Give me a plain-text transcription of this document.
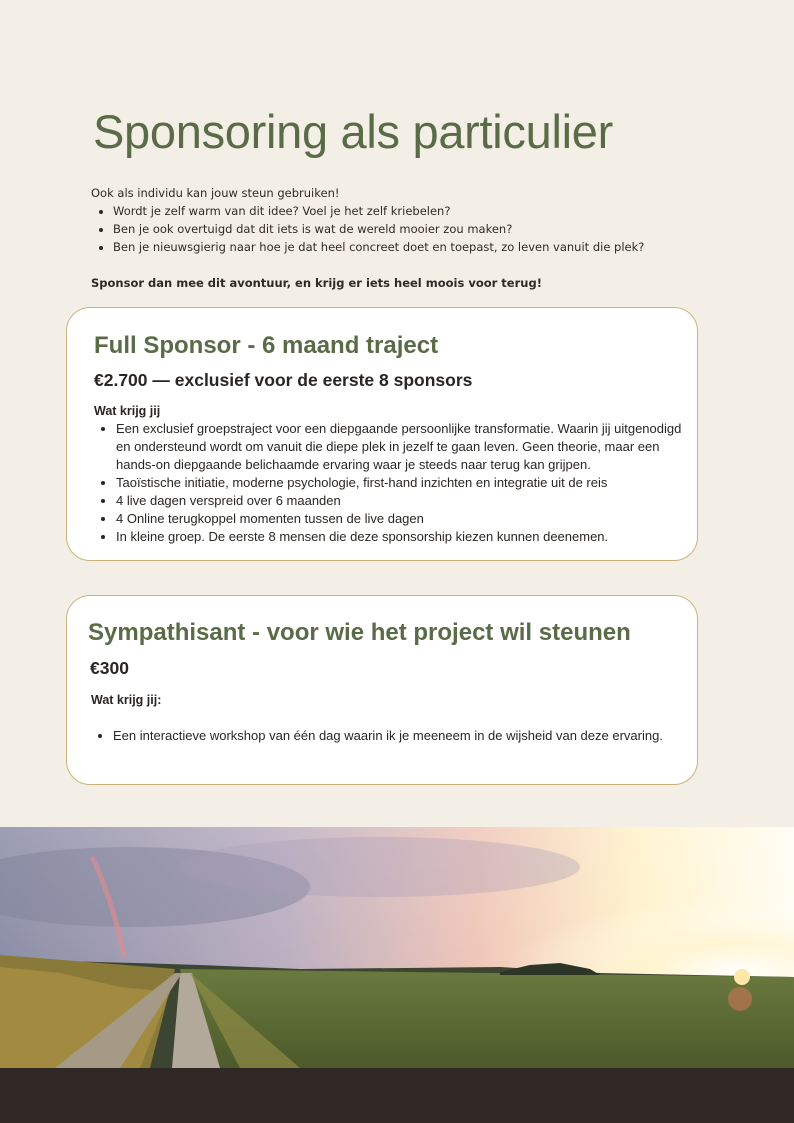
Sponsoring als particulier
Ook als individu kan jouw steun gebruiken!
• Wordt je zelf warm van dit idee? Voel je het zelf kriebelen?
• Ben je ook overtuigd dat dit iets is wat de wereld mooier zou maken?
• Ben je nieuwsgierig naar hoe je dat heel concreet doet en toepast, zo leven vanuit die plek?
Sponsor dan mee dit avontuur, en krijg er iets heel moois voor terug!
Full Sponsor - 6 maand traject
€2.700 — exclusief voor de eerste 8 sponsors
Wat krijg jij
• Een exclusief groepstraject voor een diepgaande persoonlijke transformatie. Waarin jij uitgenodigd en ondersteund wordt om vanuit die diepe plek in jezelf te gaan leven. Geen theorie, maar een hands-on diepgaande belichaamde ervaring waar je steeds naar terug kan grijpen.
• Taoïstische initiatie, moderne psychologie, first-hand inzichten en integratie uit de reis
• 4 live dagen verspreid over 6 maanden
• 4 Online terugkoppel momenten tussen de live dagen
• In kleine groep. De eerste 8 mensen die deze sponsorship kiezen kunnen deenemen.
Sympathisant - voor wie het project wil steunen
€300
Wat krijg jij:
• Een interactieve workshop van één dag waarin ik je meeneem in de wijsheid van deze ervaring.
